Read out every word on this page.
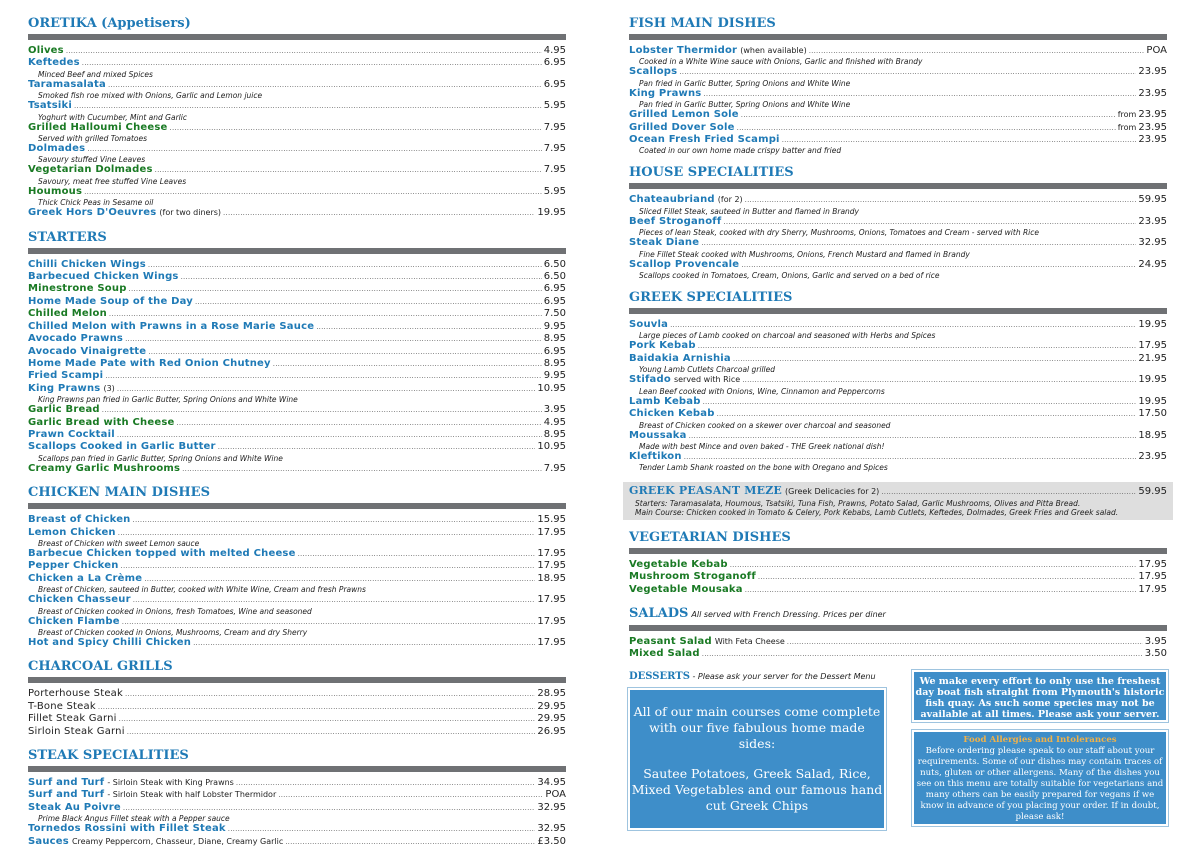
ORETIKA (Appetisers)
Olives . . .	4.95
Keftedes . . .	6.95
Minced Beef and mixed Spices
Taramasalata . . .	6.95
Smoked fish roe mixed with Onions, Garlic and Lemon juice
Tsatsiki . . .	5.95
Yoghurt with Cucumber, Mint and Garlic
Grilled Halloumi Cheese . . .	7.95
Served with grilled Tomatoes
Dolmades . . .	7.95
Savoury stuffed Vine Leaves
Vegetarian Dolmades . . .	7.95
Savoury, meat free stuffed Vine Leaves
Houmous . . .	5.95
Thick Chick Peas in Sesame oil
Greek Hors D'Oeuvres (for two diners) . . .	19.95
STARTERS
Chilli Chicken Wings . . .	6.50
Barbecued Chicken Wings . . .	6.50
Minestrone Soup . . .	6.95
Home Made Soup of the Day . . .	6.95
Chilled Melon . . .	7.50
Chilled Melon with Prawns in a Rose Marie Sauce . . .	9.95
Avocado Prawns . . .	8.95
Avocado Vinaigrette . . .	6.95
Home Made Pate with Red Onion Chutney . . .	8.95
Fried Scampi . . .	9.95
King Prawns (3) . . .	10.95
King Prawns pan fried in Garlic Butter, Spring Onions and White Wine
Garlic Bread . . .	3.95
Garlic Bread with Cheese . . .	4.95
Prawn Cocktail . . .	8.95
Scallops Cooked in Garlic Butter . . .	10.95
Scallops pan fried in Garlic Butter, Spring Onions and White Wine
Creamy Garlic Mushrooms . . .	7.95
CHICKEN MAIN DISHES
Breast of Chicken . . .	15.95
Lemon Chicken . . .	17.95
Breast of Chicken with sweet Lemon sauce
Barbecue Chicken topped with melted Cheese . . .	17.95
Pepper Chicken . . .	17.95
Chicken a La Crème . . .	18.95
Breast of Chicken, sauteed in Butter, cooked with White Wine, Cream and fresh Prawns
Chicken Chasseur . . .	17.95
Breast of Chicken cooked in Onions, fresh Tomatoes, Wine and seasoned
Chicken Flambe . . .	17.95
Breast of Chicken cooked in Onions, Mushrooms, Cream and dry Sherry
Hot and Spicy Chilli Chicken . . .	17.95
CHARCOAL GRILLS
Porterhouse Steak . . .	28.95
T-Bone Steak . . .	29.95
Fillet Steak Garni . . .	29.95
Sirloin Steak Garni . . .	26.95
STEAK SPECIALITIES
Surf and Turf - Sirloin Steak with King Prawns . . .	34.95
Surf and Turf - Sirloin Steak with half Lobster Thermidor . . .	POA
Steak Au Poivre . . .	32.95
Prime Black Angus Fillet steak with a Pepper sauce
Tornedos Rossini with Fillet Steak . . .	32.95
Sauces Creamy Peppercorn, Chasseur, Diane, Creamy Garlic . . .	£3.50
FISH MAIN DISHES
Lobster Thermidor (when available) . . .	POA
Cooked in a White Wine sauce with Onions, Garlic and finished with Brandy
Scallops . . .	23.95
Pan fried in Garlic Butter, Spring Onions and White Wine
King Prawns . . .	23.95
Pan fried in Garlic Butter, Spring Onions and White Wine
Grilled Lemon Sole . . .	from 23.95
Grilled Dover Sole . . .	from 23.95
Ocean Fresh Fried Scampi . . .	23.95
Coated in our own home made crispy batter and fried
HOUSE SPECIALITIES
Chateaubriand (for 2) . . .	59.95
Sliced Fillet Steak, sauteed in Butter and flamed in Brandy
Beef Stroganoff . . .	23.95
Pieces of lean Steak, cooked with dry Sherry, Mushrooms, Onions, Tomatoes and Cream - served with Rice
Steak Diane . . .	32.95
Fine Fillet Steak cooked with Mushrooms, Onions, French Mustard and flamed in Brandy
Scallop Provencale . . .	24.95
Scallops cooked in Tomatoes, Cream, Onions, Garlic and served on a bed of rice
GREEK SPECIALITIES
Souvla . . .	19.95
Large pieces of Lamb cooked on charcoal and seasoned with Herbs and Spices
Pork Kebab . . .	17.95
Baidakia Arnishia . . .	21.95
Young Lamb Cutlets Charcoal grilled
Stifado served with Rice . . .	19.95
Lean Beef cooked with Onions, Wine, Cinnamon and Peppercorns
Lamb Kebab . . .	19.95
Chicken Kebab . . .	17.50
Breast of Chicken cooked on a skewer over charcoal and seasoned
Moussaka . . .	18.95
Made with best Mince and oven baked - THE Greek national dish!
Kleftikon . . .	23.95
Tender Lamb Shank roasted on the bone with Oregano and Spices
GREEK PEASANT MEZE (Greek Delicacies for 2) . . .	59.95
Starters: Taramasalata, Houmous, Tsatsiki, Tuna Fish, Prawns, Potato Salad, Garlic Mushrooms, Olives and Pitta Bread.
Main Course: Chicken cooked in Tomato & Celery, Pork Kebabs, Lamb Cutlets, Keftedes, Dolmades, Greek Fries and Greek salad.
VEGETARIAN DISHES
Vegetable Kebab . . .	17.95
Mushroom Stroganoff . . .	17.95
Vegetable Mousaka . . .	17.95
SALADS All served with French Dressing. Prices per diner
Peasant Salad With Feta Cheese . . .	3.95
Mixed Salad . . .	3.50
DESSERTS - Please ask your server for the Dessert Menu

All of our main courses come complete with our five fabulous home made sides:

Sautee Potatoes, Greek Salad, Rice, Mixed Vegetables and our famous hand cut Greek Chips

We make every effort to only use the freshest day boat fish straight from Plymouth's historic fish quay. As such some species may not be available at all times. Please ask your server.
Food Allergies and Intolerances
Before ordering please speak to our staff about your requirements. Some of our dishes may contain traces of nuts, gluten or other allergens. Many of the dishes you see on this menu are totally suitable for vegetarians and many others can be easily prepared for vegans if we know in advance of you placing your order. If in doubt, please ask!
